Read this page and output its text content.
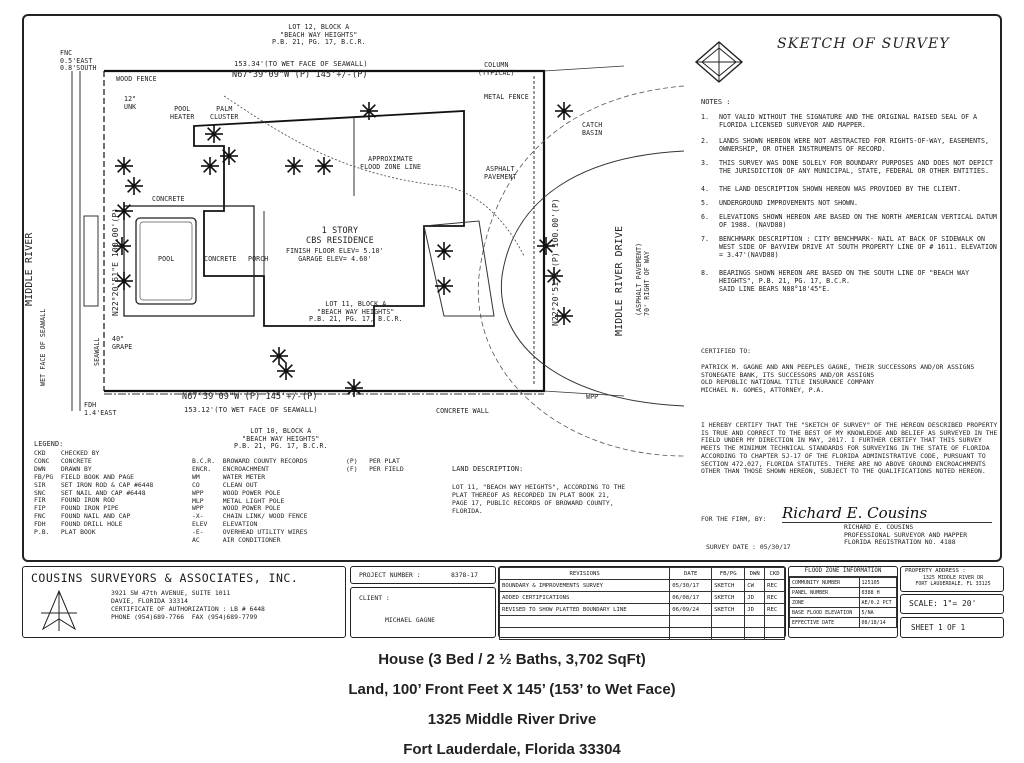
LOT 12, BLOCK A
"BEACH WAY HEIGHTS"
P.B. 21, PG. 17, B.C.R.
153.34'(TO WET FACE OF SEAWALL)
N67°39'09"W (P) 145'+/-(P)
N67°39'09"W (P) 145'+/-(P)
153.12'(TO WET FACE OF SEAWALL)
LOT 10, BLOCK A
"BEACH WAY HEIGHTS"
P.B. 21, PG. 17, B.C.R.
LOT 11, BLOCK A
"BEACH WAY HEIGHTS"
P.B. 21, PG. 17, B.C.R.
1 STORY
CBS RESIDENCE
FINISH FLOOR ELEV= 5.10'
GARAGE ELEV= 4.60'
POOL	CONCRETE
CONCRETE
PORCH
ASPHALT
PAVEMENT
METAL FENCE
WOOD FENCE
CONCRETE WALL
COLUMN
(TYPICAL)
CATCH
BASIN
APPROXIMATE
FLOOD ZONE LINE
POOL
HEATER
PALM
CLUSTER
12"
UNK
FNC
0.5'EAST
0.8'SOUTH
FDH
1.4'EAST
40"
GRAPE
WPP
MIDDLE RIVER
WET FACE OF SEAWALL	SEAWALL
N22°20'51"E 100.00'(P)	N22°20'51"E (P) 100.00'(P)	MIDDLE RIVER DRIVE (ASPHALT PAVEMENT)
70' RIGHT OF WAY
LEGEND:
CKD    CHECKED BY
CONC   CONCRETE
DWN    DRAWN BY
FB/PG  FIELD BOOK AND PAGE
SIR    SET IRON ROD & CAP #6448
SNC    SET NAIL AND CAP #6448
FIR    FOUND IRON ROD
FIP    FOUND IRON PIPE
FNC    FOUND NAIL AND CAP
FDH    FOUND DRILL HOLE
P.B.   PLAT BOOK
B.C.R.  BROWARD COUNTY RECORDS
ENCR.   ENCROACHMENT
WM      WATER METER
CO      CLEAN OUT
WPP     WOOD POWER POLE
MLP     METAL LIGHT POLE
WPP     WOOD POWER POLE
-X-     CHAIN LINK/ WOOD FENCE
ELEV    ELEVATION
-E-     OVERHEAD UTILITY WIRES
AC      AIR CONDITIONER
(P)   PER PLAT
(F)   PER FIELD	LAND DESCRIPTION:
LOT 11, "BEACH WAY HEIGHTS", ACCORDING TO THE
PLAT THEREOF AS RECORDED IN PLAT BOOK 21,
PAGE 17, PUBLIC RECORDS OF BROWARD COUNTY,
FLORIDA.
SKETCH OF SURVEY
NOTES :
1. NOT VALID WITHOUT THE SIGNATURE AND THE ORIGINAL RAISED SEAL OF A FLORIDA LICENSED SURVEYOR AND MAPPER.
2. LANDS SHOWN HEREON WERE NOT ABSTRACTED FOR RIGHTS-OF-WAY, EASEMENTS, OWNERSHIP, OR OTHER INSTRUMENTS OF RECORD.
3. THIS SURVEY WAS DONE SOLELY FOR BOUNDARY PURPOSES AND DOES NOT DEPICT THE JURISDICTION OF ANY MUNICIPAL, STATE, FEDERAL OR OTHER ENTITIES.
4. THE LAND DESCRIPTION SHOWN HEREON WAS PROVIDED BY THE CLIENT.
5. UNDERGROUND IMPROVEMENTS NOT SHOWN.
6. ELEVATIONS SHOWN HEREON ARE BASED ON THE NORTH AMERICAN VERTICAL DATUM OF 1988. (NAVD88)
7. BENCHMARK DESCRIPTION : CITY BENCHMARK- NAIL AT BACK OF SIDEWALK ON WEST SIDE OF BAYVIEW DRIVE AT SOUTH PROPERTY LINE OF # 1611. ELEVATION = 3.47'(NAVD88)
8. BEARINGS SHOWN HEREON ARE BASED ON THE SOUTH LINE OF "BEACH WAY HEIGHTS", P.B. 21, PG. 17, B.C.R.
SAID LINE BEARS N88°18'45"E.
CERTIFIED TO:
PATRICK M. GAGNE AND ANN PEEPLES GAGNE, THEIR SUCCESSORS AND/OR ASSIGNS
STONEGATE BANK, ITS SUCCESSORS AND/OR ASSIGNS
OLD REPUBLIC NATIONAL TITLE INSURANCE COMPANY
MICHAEL N. GOMES, ATTORNEY, P.A.
I HEREBY CERTIFY THAT THE "SKETCH OF SURVEY" OF THE HEREON DESCRIBED PROPERTY IS TRUE AND CORRECT TO THE BEST OF MY KNOWLEDGE AND BELIEF AS SURVEYED IN THE FIELD UNDER MY DIRECTION IN MAY, 2017. I FURTHER CERTIFY THAT THIS SURVEY MEETS THE MINIMUM TECHNICAL STANDARDS FOR SURVEYING IN THE STATE OF FLORIDA ACCORDING TO CHAPTER 5J-17 OF THE FLORIDA ADMINISTRATIVE CODE, PURSUANT TO SECTION 472.027, FLORIDA STATUTES. THERE ARE NO ABOVE GROUND ENCROACHMENTS OTHER THAN THOSE SHOWN HEREON, SUBJECT TO THE QUALIFICATIONS NOTED HEREON.
FOR THE FIRM, BY:	Richard E. Cousins
RICHARD E. COUSINS
PROFESSIONAL SURVEYOR AND MAPPER
FLORIDA REGISTRATION NO. 4188
SURVEY DATE : 05/30/17
COUSINS SURVEYORS & ASSOCIATES, INC.
3921 SW 47th AVENUE, SUITE 1011
DAVIE, FLORIDA 33314
CERTIFICATE OF AUTHORIZATION : LB # 6448
PHONE (954)689-7766  FAX (954)689-7799
PROJECT NUMBER :	8378-17
CLIENT :
MICHAEL GAGNE
REVISIONS	DATE	FB/PG	DWN	CKD
BOUNDARY & IMPROVEMENTS SURVEY	05/30/17	SKETCH	CW	REC
ADDED CERTIFICATIONS	06/08/17	SKETCH	JD	REC
REVISED TO SHOW PLATTED BOUNDARY LINE	06/09/24	SKETCH	JD	REC

FLOOD ZONE INFORMATION
COMMUNITY NUMBER	125105
PANEL NUMBER	0388 H
ZONE	AE/0.2 PCT
BASE FLOOD ELEVATION	5/NA
EFFECTIVE DATE	08/18/14
PROPERTY ADDRESS :
1325 MIDDLE RIVER DR
FORT LAUDERDALE, FL 33125
SCALE: 1"= 20'
SHEET 1 OF 1
House (3 Bed / 2 ½ Baths, 3,702 SqFt)
Land, 100’ Front Feet X 145’ (153’ to Wet Face)
1325 Middle River Drive
Fort Lauderdale, Florida 33304
